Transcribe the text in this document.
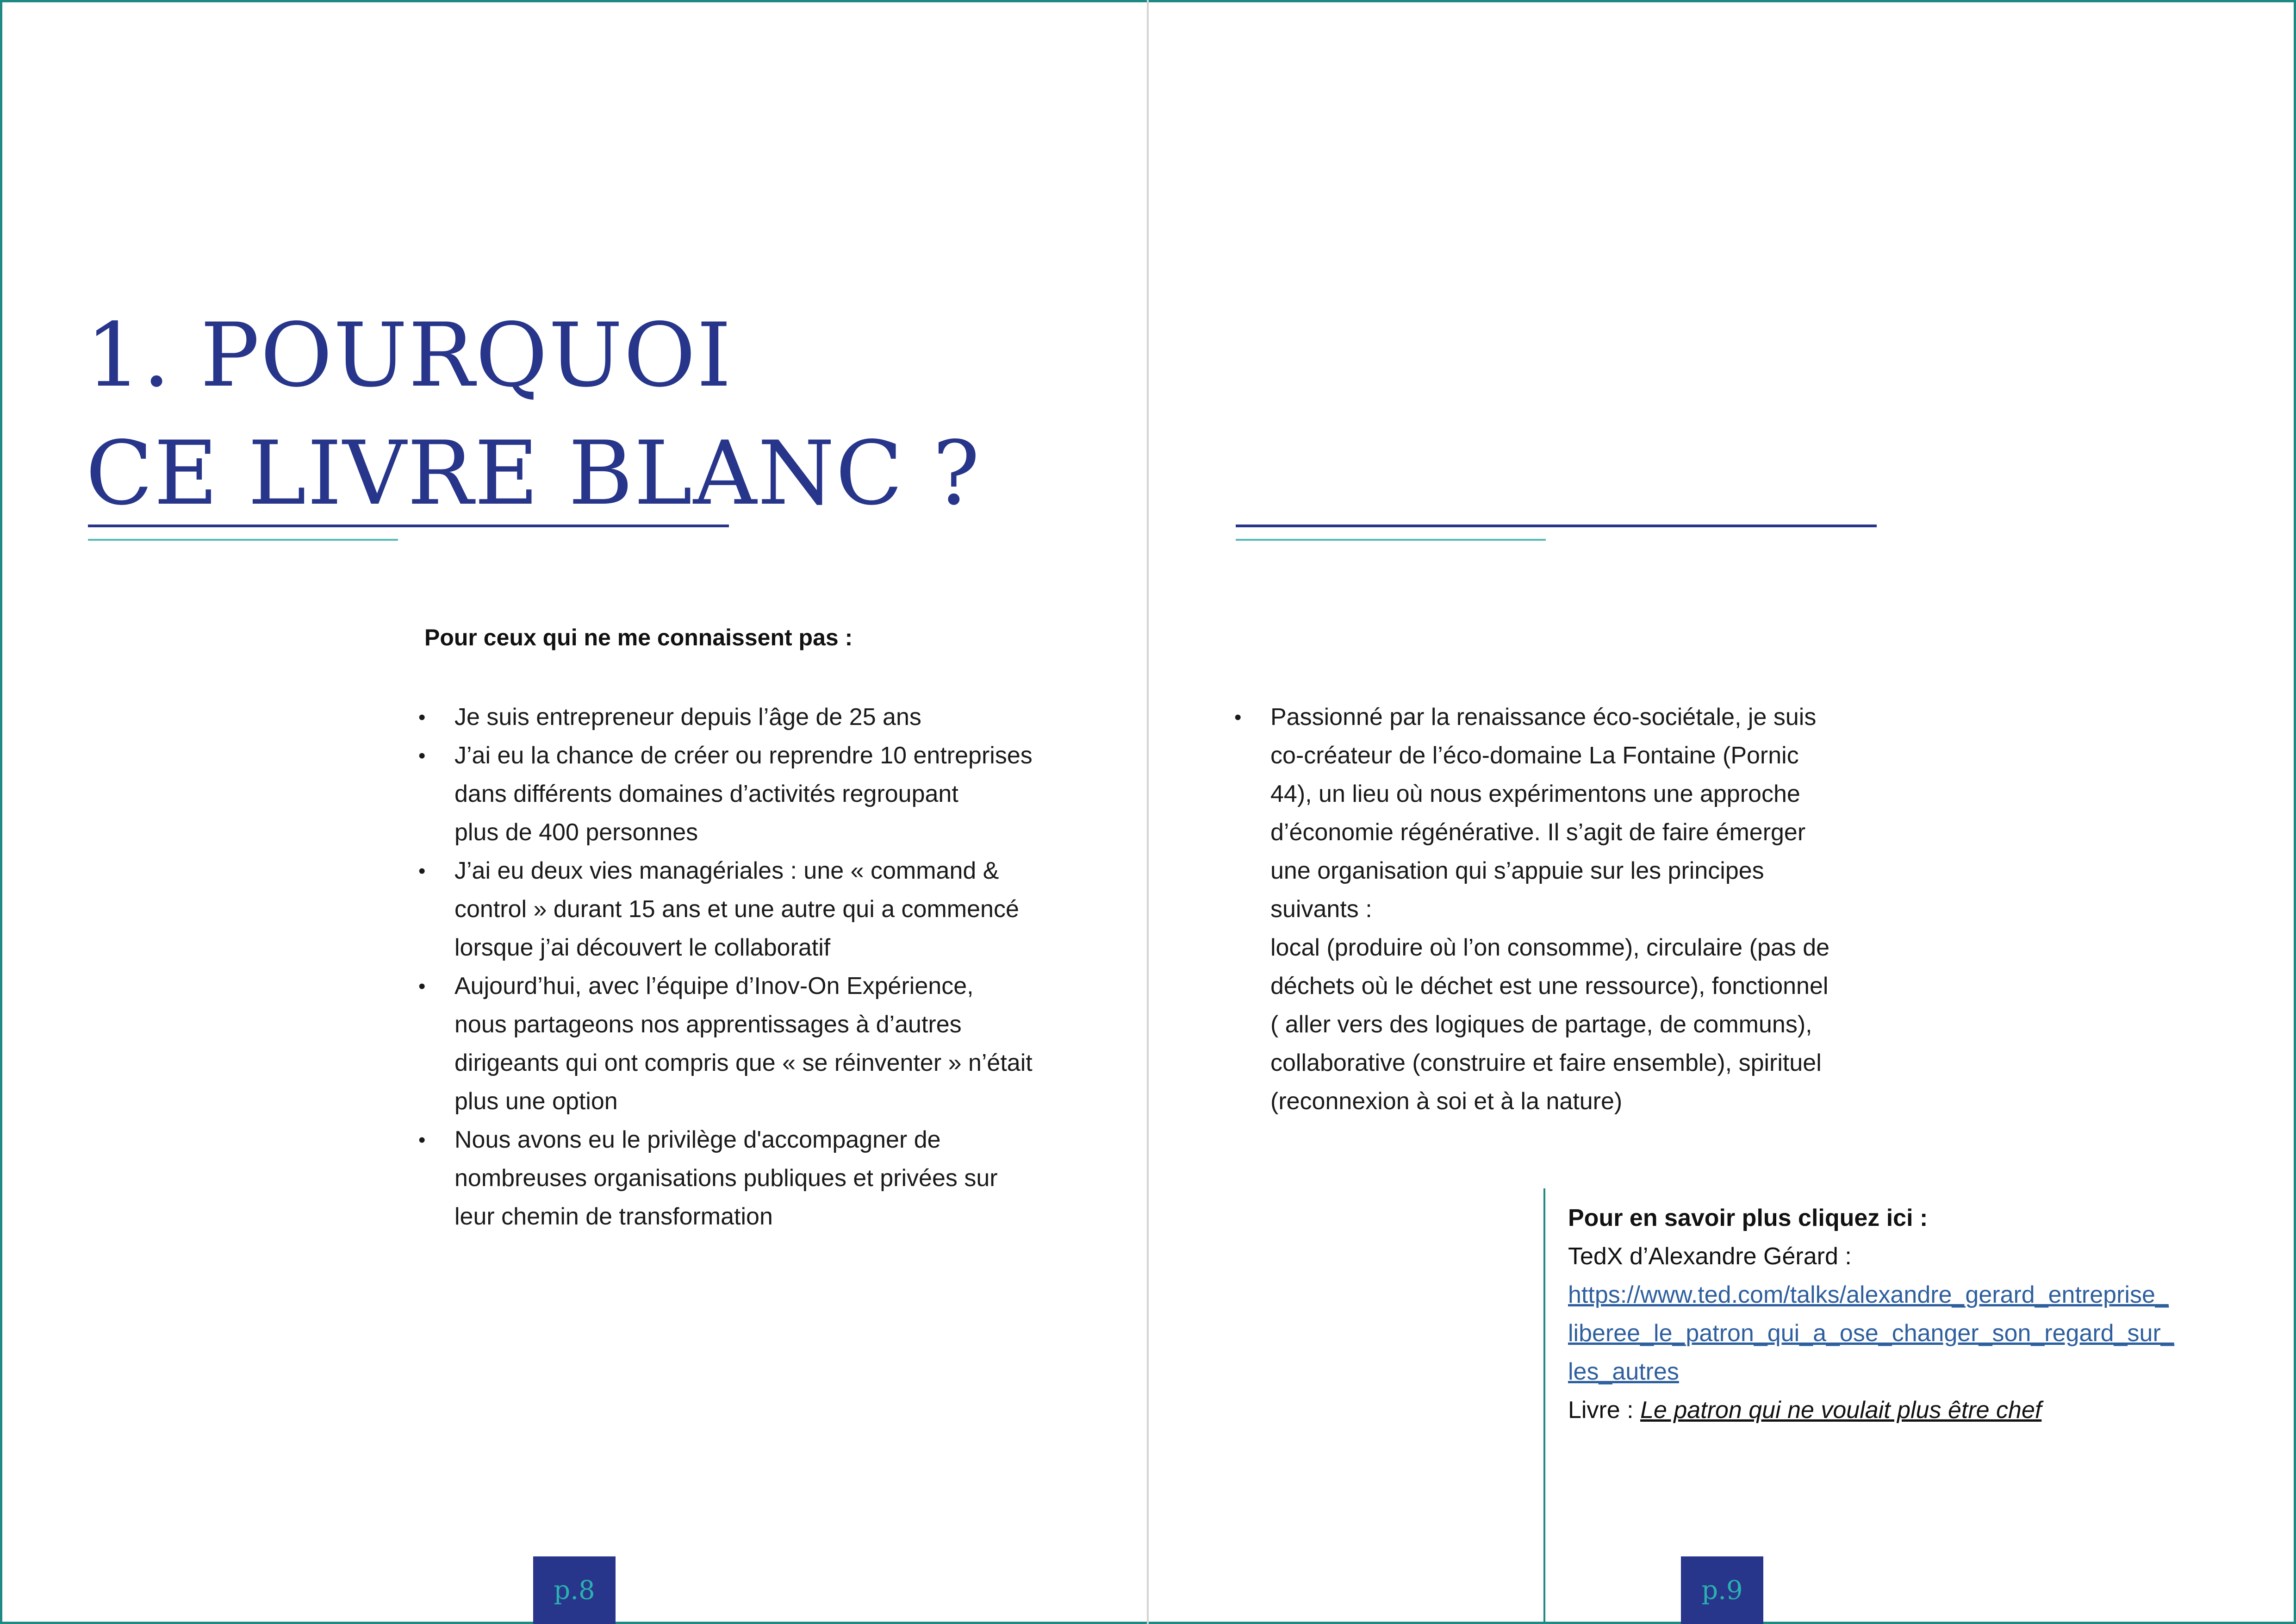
1. POURQUOI
CE LIVRE BLANC ?
Pour ceux qui ne me connaissent pas :
• Je suis entrepreneur depuis l’âge de 25 ans
• J’ai eu la chance de créer ou reprendre 10 entreprises
dans différents domaines d’activités regroupant
plus de 400 personnes
• J’ai eu deux vies managériales : une « command &
control » durant 15 ans et une autre qui a commencé
lorsque j’ai découvert le collaboratif
• Aujourd’hui, avec l’équipe d’Inov-On Expérience,
nous partageons nos apprentissages à d’autres
dirigeants qui ont compris que « se réinventer » n’était
plus une option
• Nous avons eu le privilège d'accompagner de
nombreuses organisations publiques et privées sur
leur chemin de transformation
p.8
• Passionné par la renaissance éco-sociétale, je suis
co-créateur de l’éco-domaine La Fontaine (Pornic
44), un lieu où nous expérimentons une approche
d’économie régénérative. Il s’agit de faire émerger
une organisation qui s’appuie sur les principes
suivants :
local (produire où l’on consomme), circulaire (pas de
déchets où le déchet est une ressource), fonctionnel
( aller vers des logiques de partage, de communs),
collaborative (construire et faire ensemble), spirituel
(reconnexion à soi et à la nature)
Pour en savoir plus cliquez ici :
TedX d’Alexandre Gérard :
https://www.ted.com/talks/alexandre_gerard_entreprise_
liberee_le_patron_qui_a_ose_changer_son_regard_sur_
les_autres
Livre : Le patron qui ne voulait plus être chef
p.9
